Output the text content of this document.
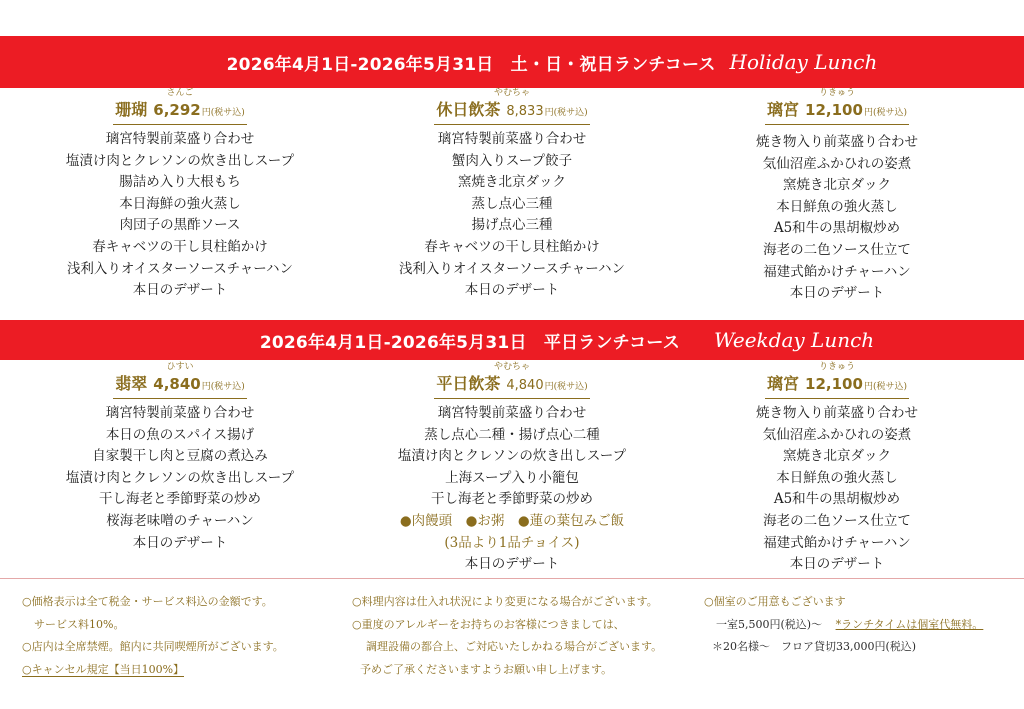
2026年4月1日-2026年5月31日　土・日・祝日ランチコース Holiday Lunch
さんご
珊瑚 6,292円(税サ込)
璃宮特製前菜盛り合わせ
塩漬け肉とクレソンの炊き出しスープ
腸詰め入り大根もち
本日海鮮の強火蒸し
肉団子の黒酢ソース
春キャベツの干し貝柱餡かけ
浅利入りオイスターソースチャーハン
本日のデザート
やむちゃ
休日飲茶 8,833円(税サ込)
璃宮特製前菜盛り合わせ
蟹肉入りスープ餃子
窯焼き北京ダック
蒸し点心三種
揚げ点心三種
春キャベツの干し貝柱餡かけ
浅利入りオイスターソースチャーハン
本日のデザート
りきゅう
璃宮 12,100円(税サ込)
焼き物入り前菜盛り合わせ
気仙沼産ふかひれの姿煮
窯焼き北京ダック
本日鮮魚の強火蒸し
A5和牛の黒胡椒炒め
海老の二色ソース仕立て
福建式餡かけチャーハン
本日のデザート
2026年4月1日-2026年5月31日　平日ランチコース Weekday Lunch
ひすい
翡翠 4,840円(税サ込)
璃宮特製前菜盛り合わせ
本日の魚のスパイス揚げ
自家製干し肉と豆腐の煮込み
塩漬け肉とクレソンの炊き出しスープ
干し海老と季節野菜の炒め
桜海老味噌のチャーハン
本日のデザート
やむちゃ
平日飲茶 4,840円(税サ込)
璃宮特製前菜盛り合わせ
蒸し点心二種・揚げ点心二種
塩漬け肉とクレソンの炊き出しスープ
上海スープ入り小籠包
干し海老と季節野菜の炒め
●肉饅頭　●お粥　●蓮の葉包みご飯
(3品より1品チョイス)
本日のデザート
りきゅう
璃宮 12,100円(税サ込)
焼き物入り前菜盛り合わせ
気仙沼産ふかひれの姿煮
窯焼き北京ダック
本日鮮魚の強火蒸し
A5和牛の黒胡椒炒め
海老の二色ソース仕立て
福建式餡かけチャーハン
本日のデザート
○価格表示は全て税金・サービス料込の金額です。
サービス料10%。
○店内は全席禁煙。館内に共同喫煙所がございます。
○キャンセル規定【当日100%】
○料理内容は仕入れ状況により変更になる場合がございます。
○重度のアレルギーをお持ちのお客様につきましては、
調理設備の都合上、ご対応いたしかねる場合がございます。
予めご了承くださいますようお願い申し上げます。
○個室のご用意もございます
一室5,500円(税込)～ *ランチタイムは個室代無料。
＊20名様～　フロア貸切33,000円(税込)
